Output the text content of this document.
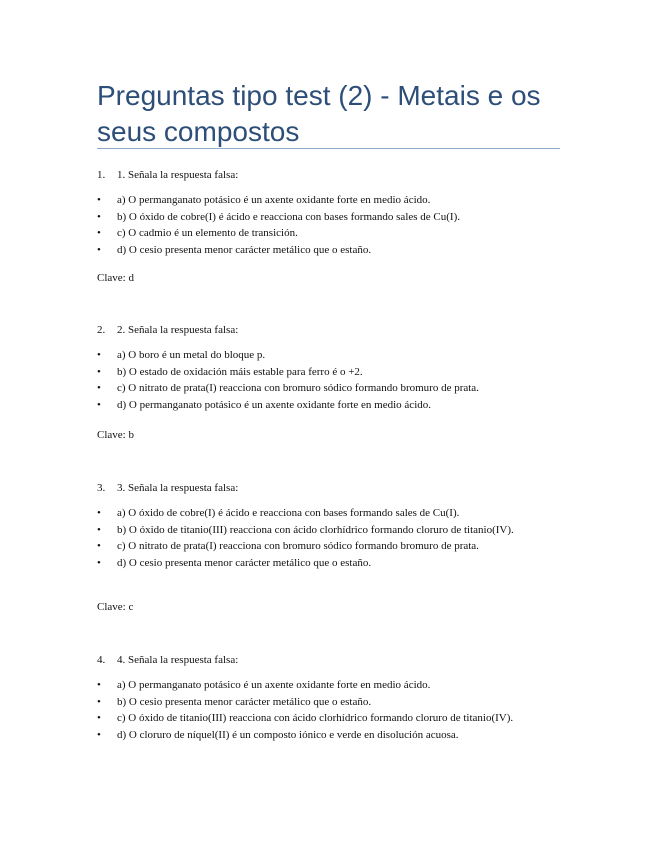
Preguntas tipo test (2) - Metais e os seus compostos
1. 1. Señala la respuesta falsa:
• a) O permanganato potásico é un axente oxidante forte en medio ácido.
• b) O óxido de cobre(I) é ácido e reacciona con bases formando sales de Cu(I).
• c) O cadmio é un elemento de transición.
• d) O cesio presenta menor carácter metálico que o estaño.
Clave: d
2. 2. Señala la respuesta falsa:
• a) O boro é un metal do bloque p.
• b) O estado de oxidación máis estable para ferro é o +2.
• c) O nitrato de prata(I) reacciona con bromuro sódico formando bromuro de prata.
• d) O permanganato potásico é un axente oxidante forte en medio ácido.
Clave: b
3. 3. Señala la respuesta falsa:
• a) O óxido de cobre(I) é ácido e reacciona con bases formando sales de Cu(I).
• b) O óxido de titanio(III) reacciona con ácido clorhídrico formando cloruro de titanio(IV).
• c) O nitrato de prata(I) reacciona con bromuro sódico formando bromuro de prata.
• d) O cesio presenta menor carácter metálico que o estaño.
Clave: c
4. 4. Señala la respuesta falsa:
• a) O permanganato potásico é un axente oxidante forte en medio ácido.
• b) O cesio presenta menor carácter metálico que o estaño.
• c) O óxido de titanio(III) reacciona con ácido clorhídrico formando cloruro de titanio(IV).
• d) O cloruro de níquel(II) é un composto iónico e verde en disolución acuosa.
